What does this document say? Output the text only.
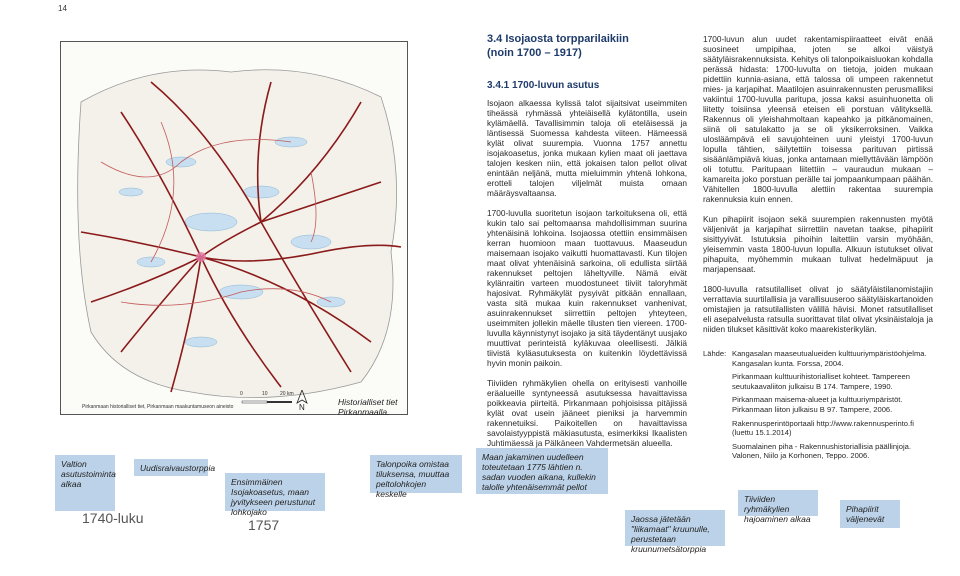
14
Pirkanmaan historialliset tiet, Pirkanmaan maakuntamuseon aineisto
0	10 20 km
N
Historialliset tiet Pirkanmaalla.
3.4 Isojaosta torpparilaikiin
(noin 1700 – 1917)
3.4.1 1700-luvun asutus

Isojaon alkaessa kylissä talot sijaitsivat useimmiten tiheässä ryhmässä yhteiäisellä kylätontilla, usein kylämäellä. Tavallisimmin taloja oli eteläisessä ja läntisessä Suomessa kahdesta viiteen. Hämeessä kylät olivat suurempia. Vuonna 1757 annettu isojakoasetus, jonka mukaan kylien maat oli jaettava talojen kesken niin, että jokaisen talon pellot olivat enintään neljänä, mutta mieluimmin yhtenä lohkona, erotteli talojen viljelmät muista omaan määräysvaltaansa.

1700-luvulla suoritetun isojaon tarkoituksena oli, että kukin talo sai peltomaansa mahdollisimman suurina yhtenäisinä lohkoina. Isojaossa otettiin ensimmäisen kerran huomioon maan tuottavuus. Maaseudun maisemaan isojako vaikutti huomattavasti. Kun tilojen maat olivat yhtenäisinä sarkoina, oli edullista siirtää rakennukset peltojen läheltyville. Nämä eivät kylänraitin varteen muodostuneet tiiviit taloryhmät hajosivat. Ryhmäkylät pysyivät pitkään ennallaan, vasta sitä mukaa kuin rakennukset vanhenivat, asuinrakennukset siirrettiin peltojen yhteyteen, useimmiten jollekin mäelle tilusten tien viereen. 1700-luvulla käynnistynyt isojako ja sitä täydentänyt uusjako muuttivat perinteistä kyläkuvaa oleellisesti. Jälkiä tiivistä kyläasutuksesta on kuitenkin löydettävissä hyvin monin paikoin.

Tiiviiden ryhmäkylien ohella on erityisesti vanhoille eräalueille syntyneessä asutuksessa havaittavissa poikkeavia piirteitä. Pirkanmaan pohjoisissa pitäjissä kylät ovat usein jääneet pieniksi ja harvemmin rakennetuiksi. Paikoitellen on havaittavissa savolaistyyppistä mäkiasutusta, esimerkiksi Ikaalisten Juhtimäessä ja Pälkäneen Vahdermetsän alueella.

1700-luvun alun uudet rakentamispiiraatteet eivät enää suosineet umpipihaa, joten se alkoi väistyä säätyläisrakennuksista. Kehitys oli talonpoikaisluokan kohdalla perässä hidasta: 1700-luvulta on tietoja, joiden mukaan pidettiin kunnia-asiana, että talossa oli umpeen rakennetut mies- ja karjapihat. Maatilojen asuinrakennusten perusmalliksi vakiintui 1700-luvulla paritupa, jossa kaksi asuinhuonetta oli liitetty toisiinsa yleensä eteisen eli porstuan välityksellä. Rakennus oli yleishahmoltaan kapeahko ja pitkänomainen, siinä oli satulakatto ja se oli yksikerroksinen. Vaikka ulosläämpävä eli savujohteinen uuni yleistyi 1700-luvun lopulla tähtien, säilytettiin toisessa parituvan pirtissä sisäänlämpiävä kiuas, jonka antamaan miellyttävään lämpöön oli totuttu. Paritupaan liitettiin – vauraudun mukaan – kamareita joko porstuan perälle tai jompaankumpaan päähän. Vähitellen 1800-luvulla alettiin rakentaa suurempia rakennuksia kuin ennen.

Kun pihapiirit isojaon sekä suurempien rakennusten myötä väljenivät ja karjapihat siirrettiin navetan taakse, pihapiirit sisittyyivät. Istutuksia pihoihin laitettiin varsin myöhään, yleisemmin vasta 1800-luvun lopulla. Alkuun istutukset olivat pihapuita, myöhemmin mukaan tulivat hedelmäpuut ja marjapensaat.

1800-luvulla ratsutilalliset olivat jo säätyläistilanomistajiin verrattavia suurtilallisia ja varallisuuseroo säätyläiskartanoiden omistajien ja ratsutilallisten välillä hävisi. Monet ratsutilalliset eli asepalvelusta ratsulla suorittavat tilat olivat yksinäistaloja ja niiden tilukset käsittivät koko maarekisterikylän.

Lähde: Kangasalan maaseutualueiden kulttuuriympäristöohjelma. Kangasalan kunta. Forssa, 2004.
Pirkanmaan kulttuurihistorialliset kohteet. Tampereen seutukaavaliiton julkaisu B 174. Tampere, 1990.
Pirkanmaan maisema-alueet ja kulttuuriympäristöt. Pirkanmaan liiton julkaisu B 97. Tampere, 2006.
Rakennusperintöportaali http://www.rakennusperinto.fi (luettu 15.1.2014)
Suomalainen piha - Rakennushistoriallisia päällinjoja. Valonen, Niilo ja Korhonen, Teppo. 2006.
Valtion asutustoiminta alkaa
Uudisraivaustorppia
Ensimmäinen Isojakoasetus, maan jyvitykseen perustunut lohkojako
Talonpoika omistaa tiluksensa, muuttaa peltolohkojen keskelle
Maan jakaminen uudelleen toteutetaan 1775 lähtien n. sadan vuoden aikana, kullekin talolle yhtenäisemmät pellot
Jaossa jätetään "liikamaat" kruunulle, perustetaan kruunumetsätorppia
Tiiviiden ryhmäkylien hajoaminen alkaa
Pihapiirit väljenevät
1740-luku	1757
